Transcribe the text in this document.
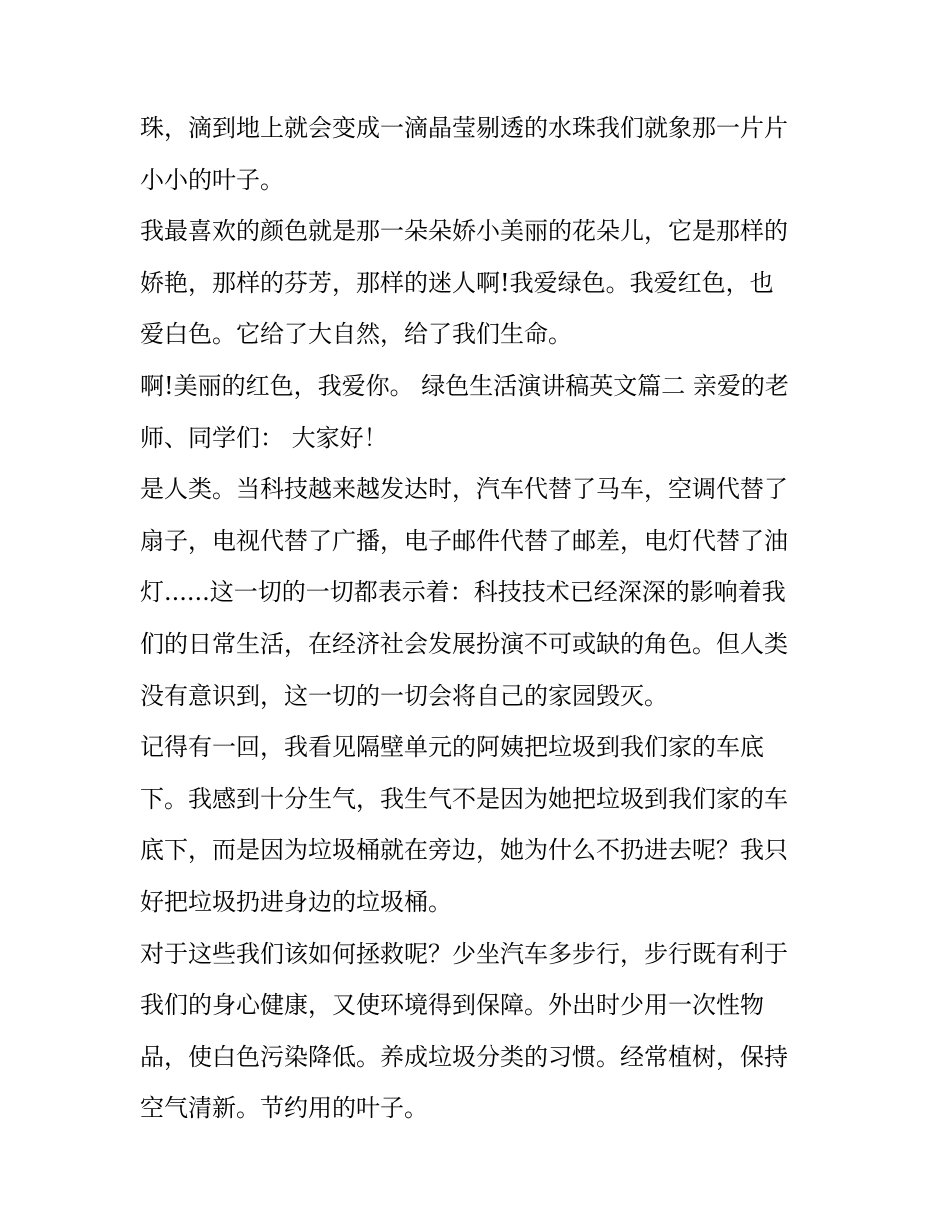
珠，滴到地上就会变成一滴晶莹剔透的水珠我们就象那一片片
小小的叶子。
我最喜欢的颜色就是那一朵朵娇小美丽的花朵儿，它是那样的
娇艳，那样的芬芳，那样的迷人啊!我爱绿色。我爱红色，也
爱白色。它给了大自然，给了我们生命。
啊!美丽的红色，我爱你。 绿色生活演讲稿英文篇二 亲爱的老
师、同学们： 大家好！
是人类。当科技越来越发达时，汽车代替了马车，空调代替了
扇子，电视代替了广播，电子邮件代替了邮差，电灯代替了油
灯......这一切的一切都表示着：科技技术已经深深的影响着我
们的日常生活，在经济社会发展扮演不可或缺的角色。但人类
没有意识到，这一切的一切会将自己的家园毁灭。
记得有一回，我看见隔壁单元的阿姨把垃圾到我们家的车底
下。我感到十分生气，我生气不是因为她把垃圾到我们家的车
底下，而是因为垃圾桶就在旁边，她为什么不扔进去呢？我只
好把垃圾扔进身边的垃圾桶。
对于这些我们该如何拯救呢？少坐汽车多步行，步行既有利于
我们的身心健康，又使环境得到保障。外出时少用一次性物
品，使白色污染降低。养成垃圾分类的习惯。经常植树，保持
空气清新。节约用的叶子。
